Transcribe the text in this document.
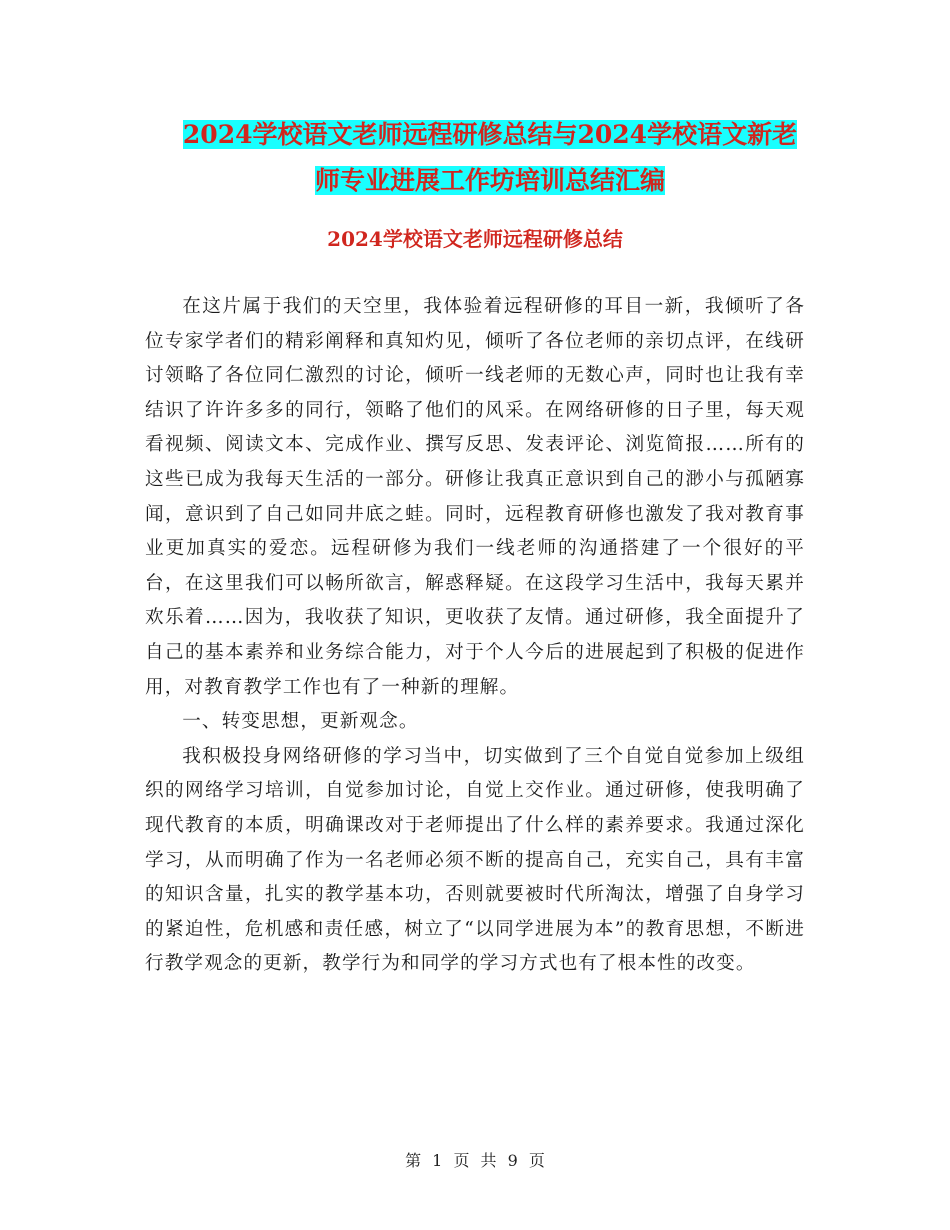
2024学校语文老师远程研修总结与2024学校语文新老
师专业进展工作坊培训总结汇编
2024学校语文老师远程研修总结

在这片属于我们的天空里，我体验着远程研修的耳目一新，我倾听了各位专家学者们的精彩阐释和真知灼见，倾听了各位老师的亲切点评，在线研讨领略了各位同仁激烈的讨论，倾听一线老师的无数心声，同时也让我有幸结识了许许多多的同行，领略了他们的风采。在网络研修的日子里，每天观看视频、阅读文本、完成作业、撰写反思、发表评论、浏览简报……所有的这些已成为我每天生活的一部分。研修让我真正意识到自己的渺小与孤陋寡闻，意识到了自己如同井底之蛙。同时，远程教育研修也激发了我对教育事业更加真实的爱恋。远程研修为我们一线老师的沟通搭建了一个很好的平台，在这里我们可以畅所欲言，解惑释疑。在这段学习生活中，我每天累并欢乐着……因为，我收获了知识，更收获了友情。通过研修，我全面提升了自己的基本素养和业务综合能力，对于个人今后的进展起到了积极的促进作用，对教育教学工作也有了一种新的理解。

一、转变思想，更新观念。

我积极投身网络研修的学习当中，切实做到了三个自觉自觉参加上级组织的网络学习培训，自觉参加讨论，自觉上交作业。通过研修，使我明确了现代教育的本质，明确课改对于老师提出了什么样的素养要求。我通过深化学习，从而明确了作为一名老师必须不断的提高自己，充实自己，具有丰富的知识含量，扎实的教学基本功，否则就要被时代所淘汰，增强了自身学习的紧迫性，危机感和责任感，树立了“以同学进展为本”的教育思想，不断进行教学观念的更新，教学行为和同学的学习方式也有了根本性的改变。

第 1 页 共 9 页
